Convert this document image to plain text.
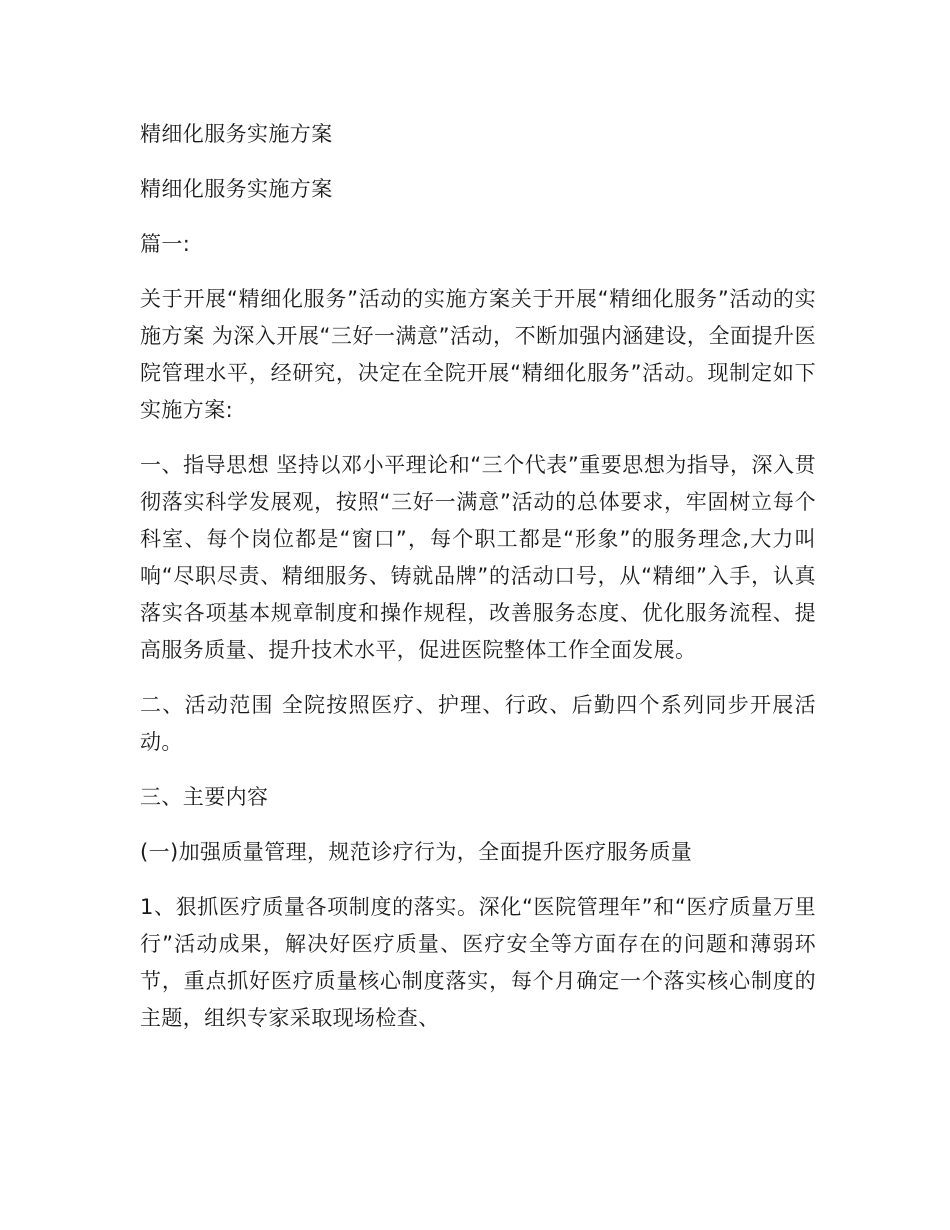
精细化服务实施方案

精细化服务实施方案

篇一:

关于开展“精细化服务”活动的实施方案关于开展“精细化服务”活动的实施方案 为深入开展“三好一满意”活动，不断加强内涵建设，全面提升医院管理水平，经研究，决定在全院开展“精细化服务”活动。现制定如下实施方案:

一、指导思想 坚持以邓小平理论和“三个代表”重要思想为指导，深入贯彻落实科学发展观，按照“三好一满意”活动的总体要求，牢固树立每个科室、每个岗位都是“窗口”，每个职工都是“形象”的服务理念,大力叫响“尽职尽责、精细服务、铸就品牌”的活动口号，从“精细”入手，认真落实各项基本规章制度和操作规程，改善服务态度、优化服务流程、提高服务质量、提升技术水平，促进医院整体工作全面发展。

二、活动范围 全院按照医疗、护理、行政、后勤四个系列同步开展活动。

三、主要内容

(一)加强质量管理，规范诊疗行为，全面提升医疗服务质量

1、狠抓医疗质量各项制度的落实。深化“医院管理年”和“医疗质量万里行”活动成果，解决好医疗质量、医疗安全等方面存在的问题和薄弱环节，重点抓好医疗质量核心制度落实，每个月确定一个落实核心制度的主题，组织专家采取现场检查、
